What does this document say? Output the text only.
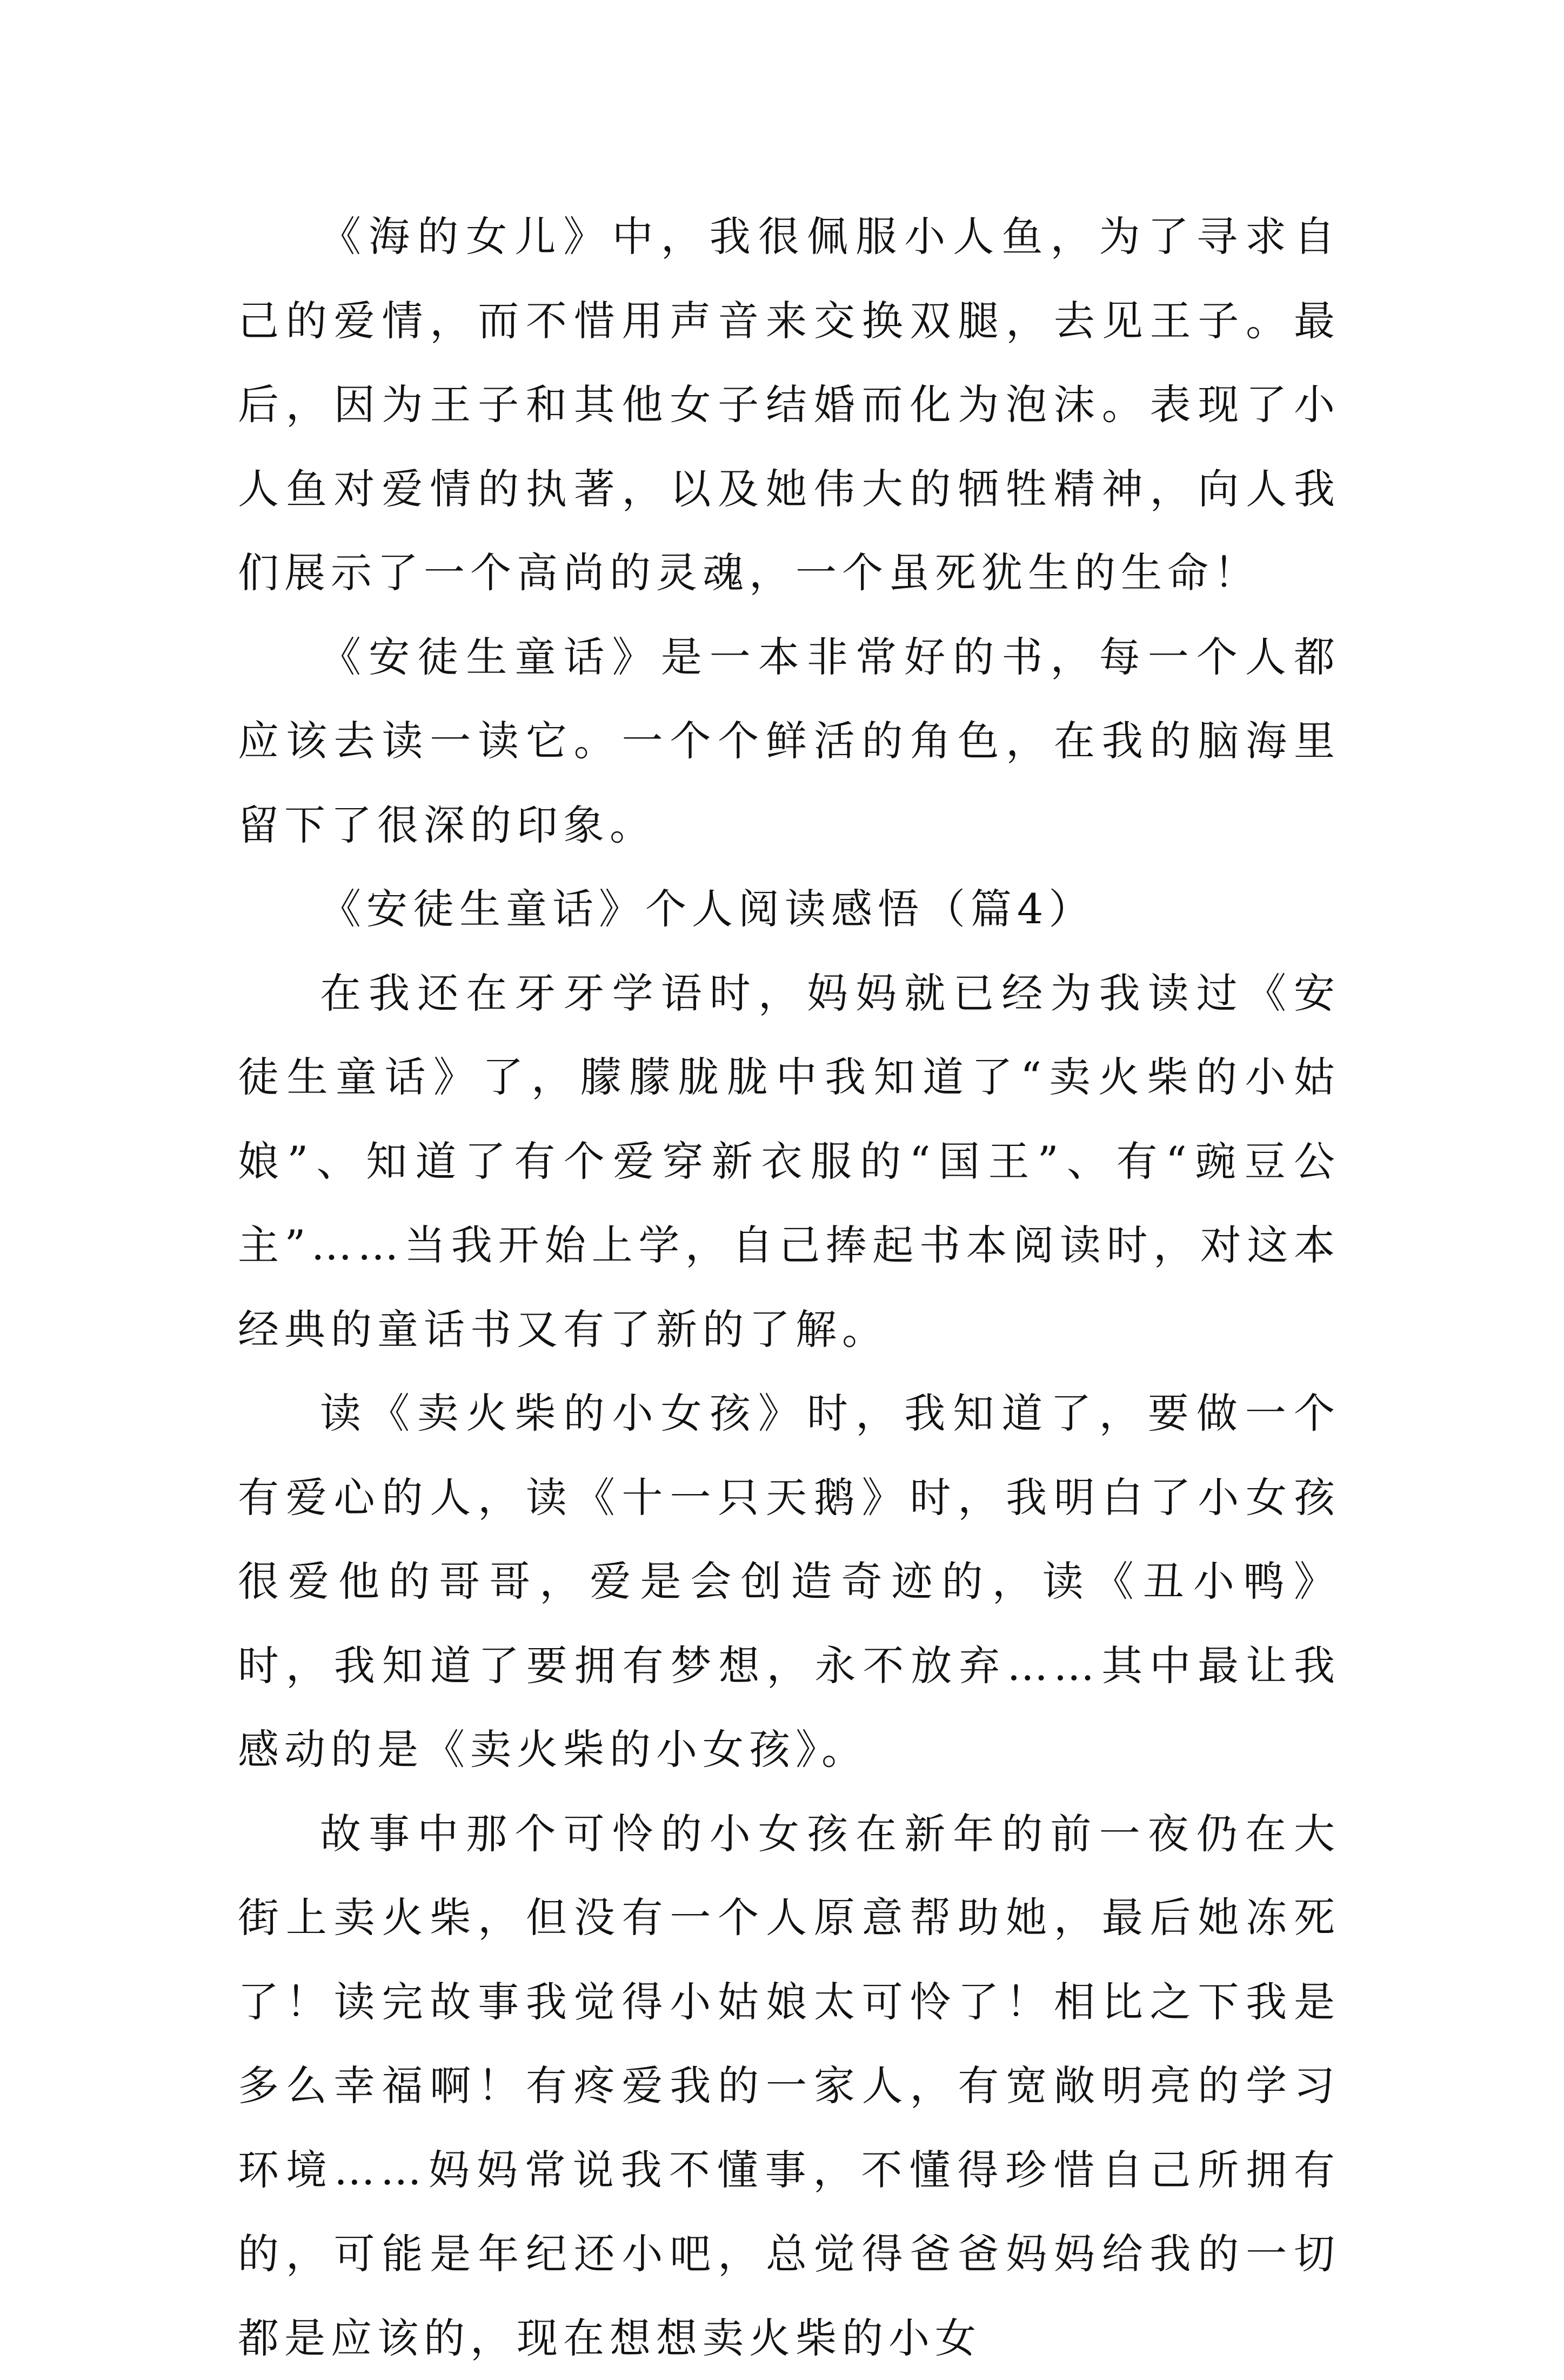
《海的女儿》中，我很佩服小人鱼，为了寻求自己的爱情，而不惜用声音来交换双腿，去见王子。最后，因为王子和其他女子结婚而化为泡沫。表现了小人鱼对爱情的执著，以及她伟大的牺牲精神，向人我们展示了一个高尚的灵魂，一个虽死犹生的生命！

《安徒生童话》是一本非常好的书，每一个人都应该去读一读它。一个个鲜活的角色，在我的脑海里留下了很深的印象。

《安徒生童话》个人阅读感悟（篇4）

在我还在牙牙学语时，妈妈就已经为我读过《安徒生童话》了，朦朦胧胧中我知道了“卖火柴的小姑娘”、知道了有个爱穿新衣服的“国王”、有“豌豆公主”……当我开始上学，自己捧起书本阅读时，对这本经典的童话书又有了新的了解。

读《卖火柴的小女孩》时，我知道了，要做一个有爱心的人，读《十一只天鹅》时，我明白了小女孩很爱他的哥哥，爱是会创造奇迹的，读《丑小鸭》时，我知道了要拥有梦想，永不放弃……其中最让我感动的是《卖火柴的小女孩》。

故事中那个可怜的小女孩在新年的前一夜仍在大街上卖火柴，但没有一个人原意帮助她，最后她冻死了！读完故事我觉得小姑娘太可怜了！相比之下我是多么幸福啊！有疼爱我的一家人，有宽敞明亮的学习环境……妈妈常说我不懂事，不懂得珍惜自己所拥有的，可能是年纪还小吧，总觉得爸爸妈妈给我的一切都是应该的，现在想想卖火柴的小女
